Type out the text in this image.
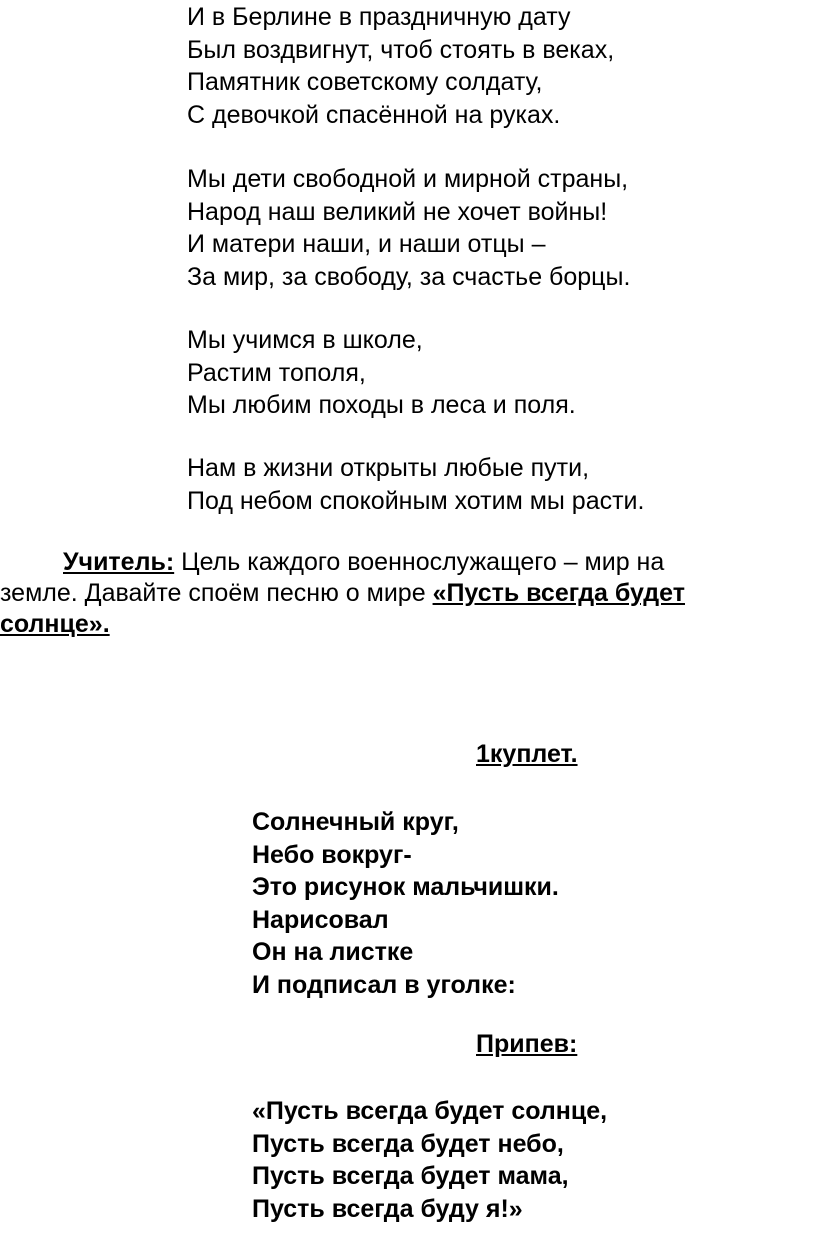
И в Берлине в праздничную дату
Был воздвигнут, чтоб стоять в веках,
Памятник советскому солдату,
С девочкой спасённой на руках.
Мы дети свободной и мирной страны,
Народ наш великий не хочет войны!
И матери наши, и наши отцы –
За мир, за свободу, за счастье борцы.
Мы учимся в школе,
Растим тополя,
Мы любим походы в леса и поля.
Нам в жизни открыты любые пути,
Под небом спокойным хотим мы расти.
Учитель: Цель каждого военнослужащего – мир на
земле. Давайте споём песню о мире «Пусть всегда будет
солнце».
1куплет.
Солнечный круг,
Небо вокруг-
Это рисунок мальчишки.
Нарисовал
Он на листке
И подписал в уголке:
Припев:
«Пусть всегда будет солнце,
Пусть всегда будет небо,
Пусть всегда будет мама,
Пусть всегда буду я!»
